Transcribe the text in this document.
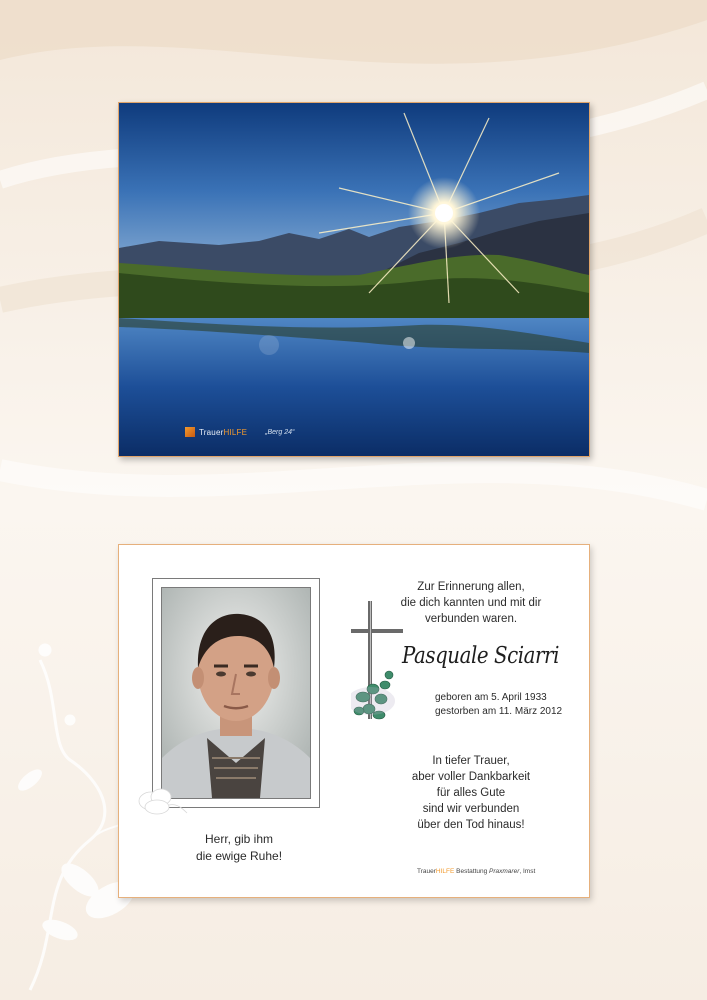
TrauerHILFE	„Berg 24“
Herr, gib ihm
die ewige Ruhe!
Zur Erinnerung allen,
die dich kannten und mit dir
verbunden waren.
Pasquale Sciarri
geboren am 5. April 1933
gestorben am 11. März 2012
In tiefer Trauer,
aber voller Dankbarkeit
für alles Gute
sind wir verbunden
über den Tod hinaus!
TrauerHILFE Bestattung Praxmarer, Imst
